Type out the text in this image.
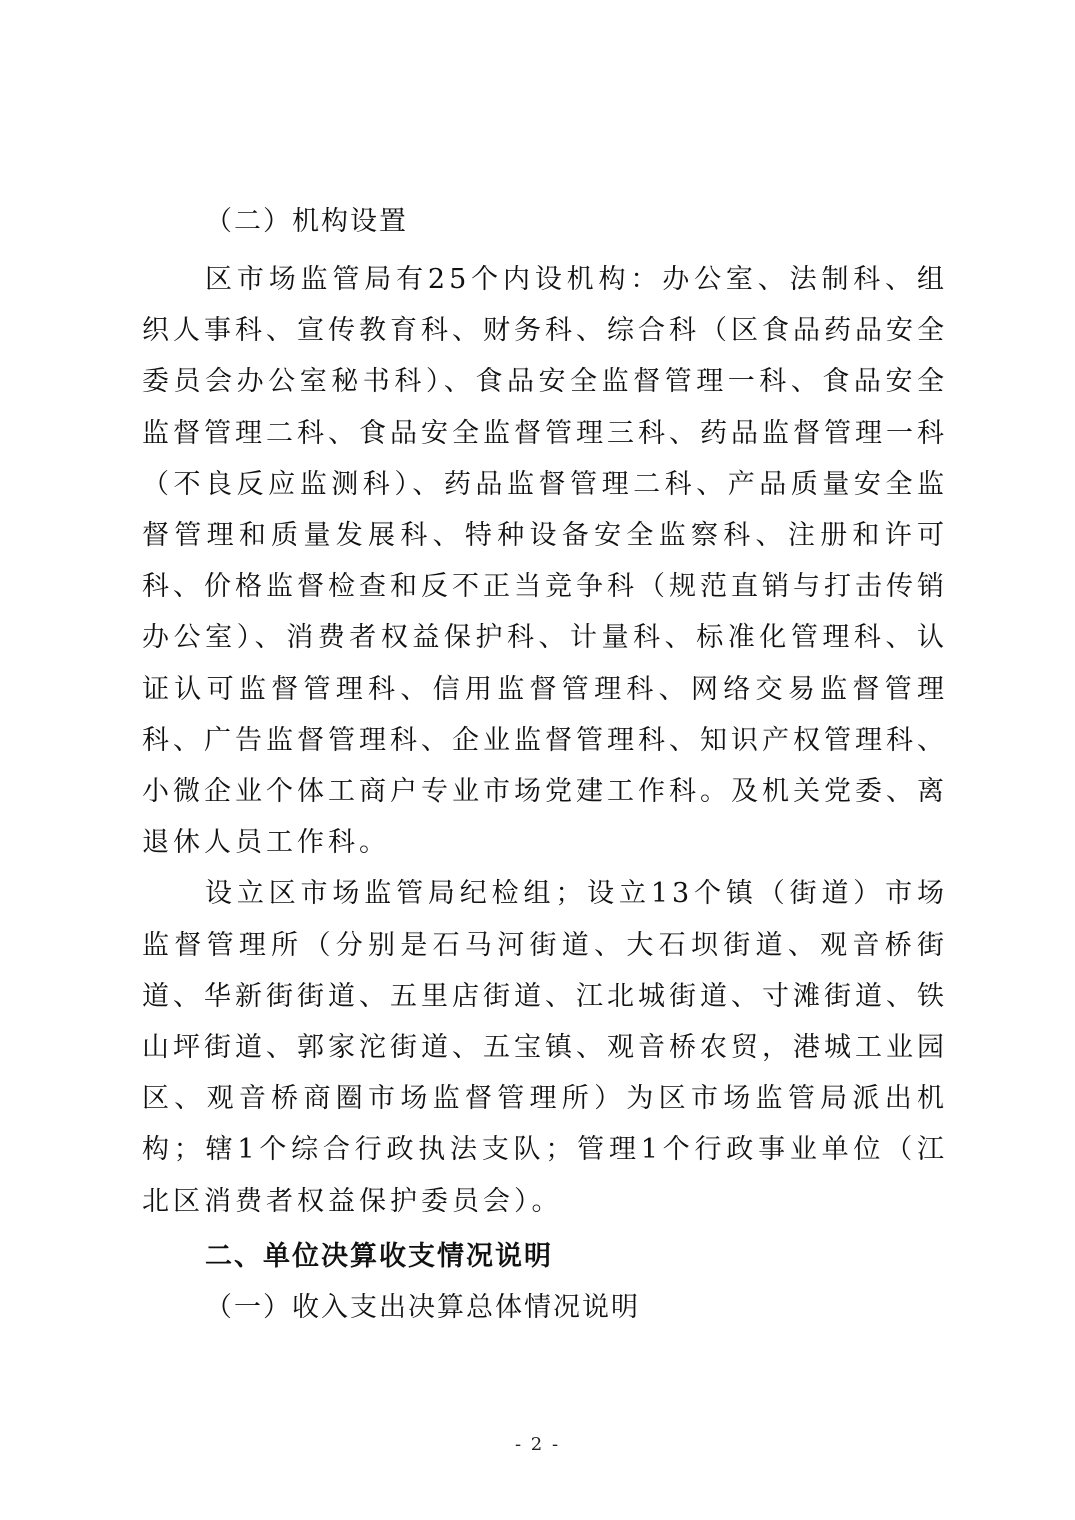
（二）机构设置

区市场监管局有25个内设机构：办公室、法制科、组织人事科、宣传教育科、财务科、综合科（区食品药品安全委员会办公室秘书科）、食品安全监督管理一科、食品安全监督管理二科、食品安全监督管理三科、药品监督管理一科（不良反应监测科）、药品监督管理二科、产品质量安全监督管理和质量发展科、特种设备安全监察科、注册和许可科、价格监督检查和反不正当竞争科（规范直销与打击传销办公室）、消费者权益保护科、计量科、标准化管理科、认证认可监督管理科、信用监督管理科、网络交易监督管理科、广告监督管理科、企业监督管理科、知识产权管理科、小微企业个体工商户专业市场党建工作科。及机关党委、离退休人员工作科。

设立区市场监管局纪检组；设立13个镇（街道）市场监督管理所（分别是石马河街道、大石坝街道、观音桥街道、华新街街道、五里店街道、江北城街道、寸滩街道、铁山坪街道、郭家沱街道、五宝镇、观音桥农贸，港城工业园区、观音桥商圈市场监督管理所）为区市场监管局派出机构；辖1个综合行政执法支队；管理1个行政事业单位（江北区消费者权益保护委员会）。

二、单位决算收支情况说明
（一）收入支出决算总体情况说明
- 2 -
